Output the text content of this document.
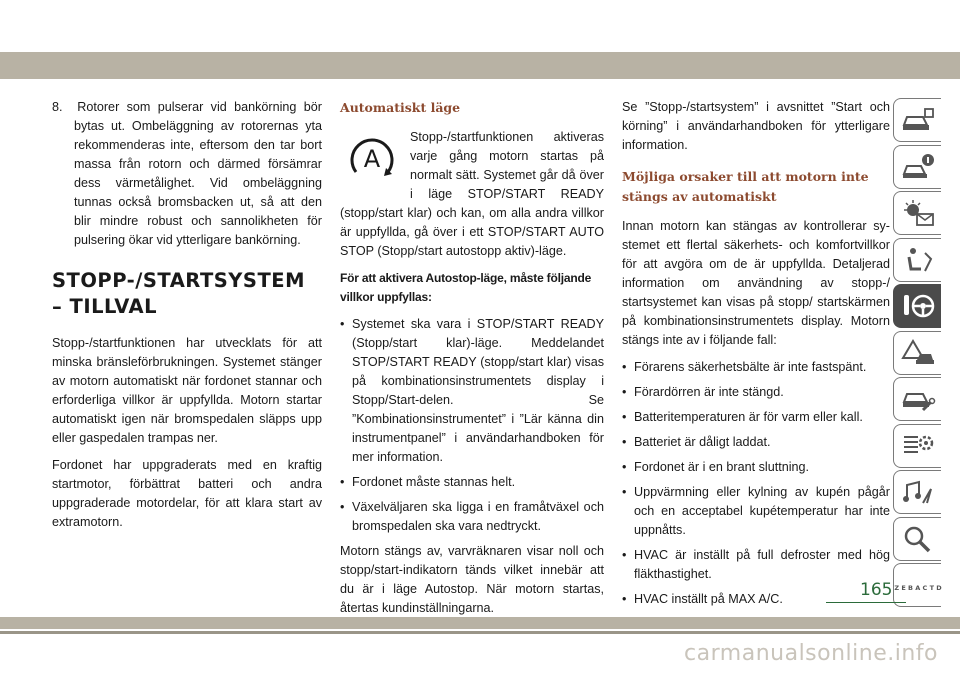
8. Rotorer som pulserar vid bankörning bör bytas ut. Ombeläggning av rotorernas yta rekommenderas inte, eftersom den tar bort massa från rotorn och därmed försämrar dess värmetålighet. Vid ombeläggning tunnas också bromsbacken ut, så att den blir mindre robust och sannolikheten för pulsering ökar vid ytterligare bankörning.
STOPP-/STARTSYSTEM – TILLVAL

Stopp-/startfunktionen har utvecklats för att minska bränsleförbrukningen. Systemet stänger av motorn automatiskt när fordonet stannar och erforderliga villkor är uppfyllda. Motorn startar automatiskt igen när bromspedalen släpps upp eller gaspedalen trampas ner.

Fordonet har uppgraderats med en kraftig startmotor, förbättrat batteri och andra uppgraderade motordelar, för att klara start av extramotorn.

Automatiskt läge
A

Stopp-/startfunktionen aktiveras varje gång motorn startas på normalt sätt. Systemet går då över i läge STOP/START READY (stopp/start klar) och kan, om alla andra villkor är uppfyllda, gå över i ett STOP/START AUTO STOP (Stopp/start autostopp aktiv)-läge.

För att aktivera Autostop-läge, måste följande villkor uppfyllas:
• Systemet ska vara i STOP/START READY (Stopp/start klar)-läge. Meddelandet STOP/START READY (stopp/start klar) visas på kombinationsinstrumentets display i Stopp/Start-delen. Se ”Kombinationsinstrumentet” i ”Lär känna din instrumentpanel” i användarhandboken för mer information.
• Fordonet måste stannas helt.
• Växelväljaren ska ligga i en framåtväxel och bromspedalen ska vara nedtryckt.

Motorn stängs av, varvräknaren visar noll och stopp/start-indikatorn tänds vilket innebär att du är i läge Autostop. När motorn startas, återtas kundinställningarna.

Se ”Stopp-/startsystem” i avsnittet ”Start och körning” i användarhandboken för ytterligare information.

Möjliga orsaker till att motorn inte stängs av automatiskt

Innan motorn kan stängas av kontrollerar systemet ett flertal säkerhets- och komfortvillkor för att avgöra om de är uppfyllda. Detaljerad information om användning av stopp-/ startsystemet kan visas på stopp/ startskärmen på kombinationsinstrumentets display. Motorn stängs inte av i följande fall:

• Förarens säkerhetsbälte är inte fastspänt.
• Förardörren är inte stängd.
• Batteritemperaturen är för varm eller kall.
• Batteriet är dåligt laddat.
• Fordonet är i en brant sluttning.
• Uppvärmning eller kylning av kupén pågår och en acceptabel kupétemperatur har inte uppnåtts.
• HVAC är inställt på full defroster med hög fläkthastighet.
• HVAC inställt på MAX A/C.
Z E B A C T D
165
carmanualsonline.info
